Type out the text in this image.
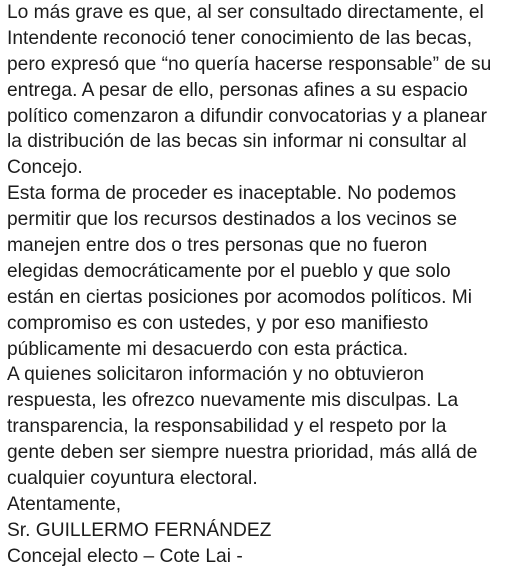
Lo más grave es que, al ser consultado directamente, el
Intendente reconoció tener conocimiento de las becas,
pero expresó que “no quería hacerse responsable” de su
entrega. A pesar de ello, personas afines a su espacio
político comenzaron a difundir convocatorias y a planear
la distribución de las becas sin informar ni consultar al
Concejo.
Esta forma de proceder es inaceptable. No podemos
permitir que los recursos destinados a los vecinos se
manejen entre dos o tres personas que no fueron
elegidas democráticamente por el pueblo y que solo
están en ciertas posiciones por acomodos políticos. Mi
compromiso es con ustedes, y por eso manifiesto
públicamente mi desacuerdo con esta práctica.
A quienes solicitaron información y no obtuvieron
respuesta, les ofrezco nuevamente mis disculpas. La
transparencia, la responsabilidad y el respeto por la
gente deben ser siempre nuestra prioridad, más allá de
cualquier coyuntura electoral.
Atentamente,
Sr. GUILLERMO FERNÁNDEZ
Concejal electo – Cote Lai -
